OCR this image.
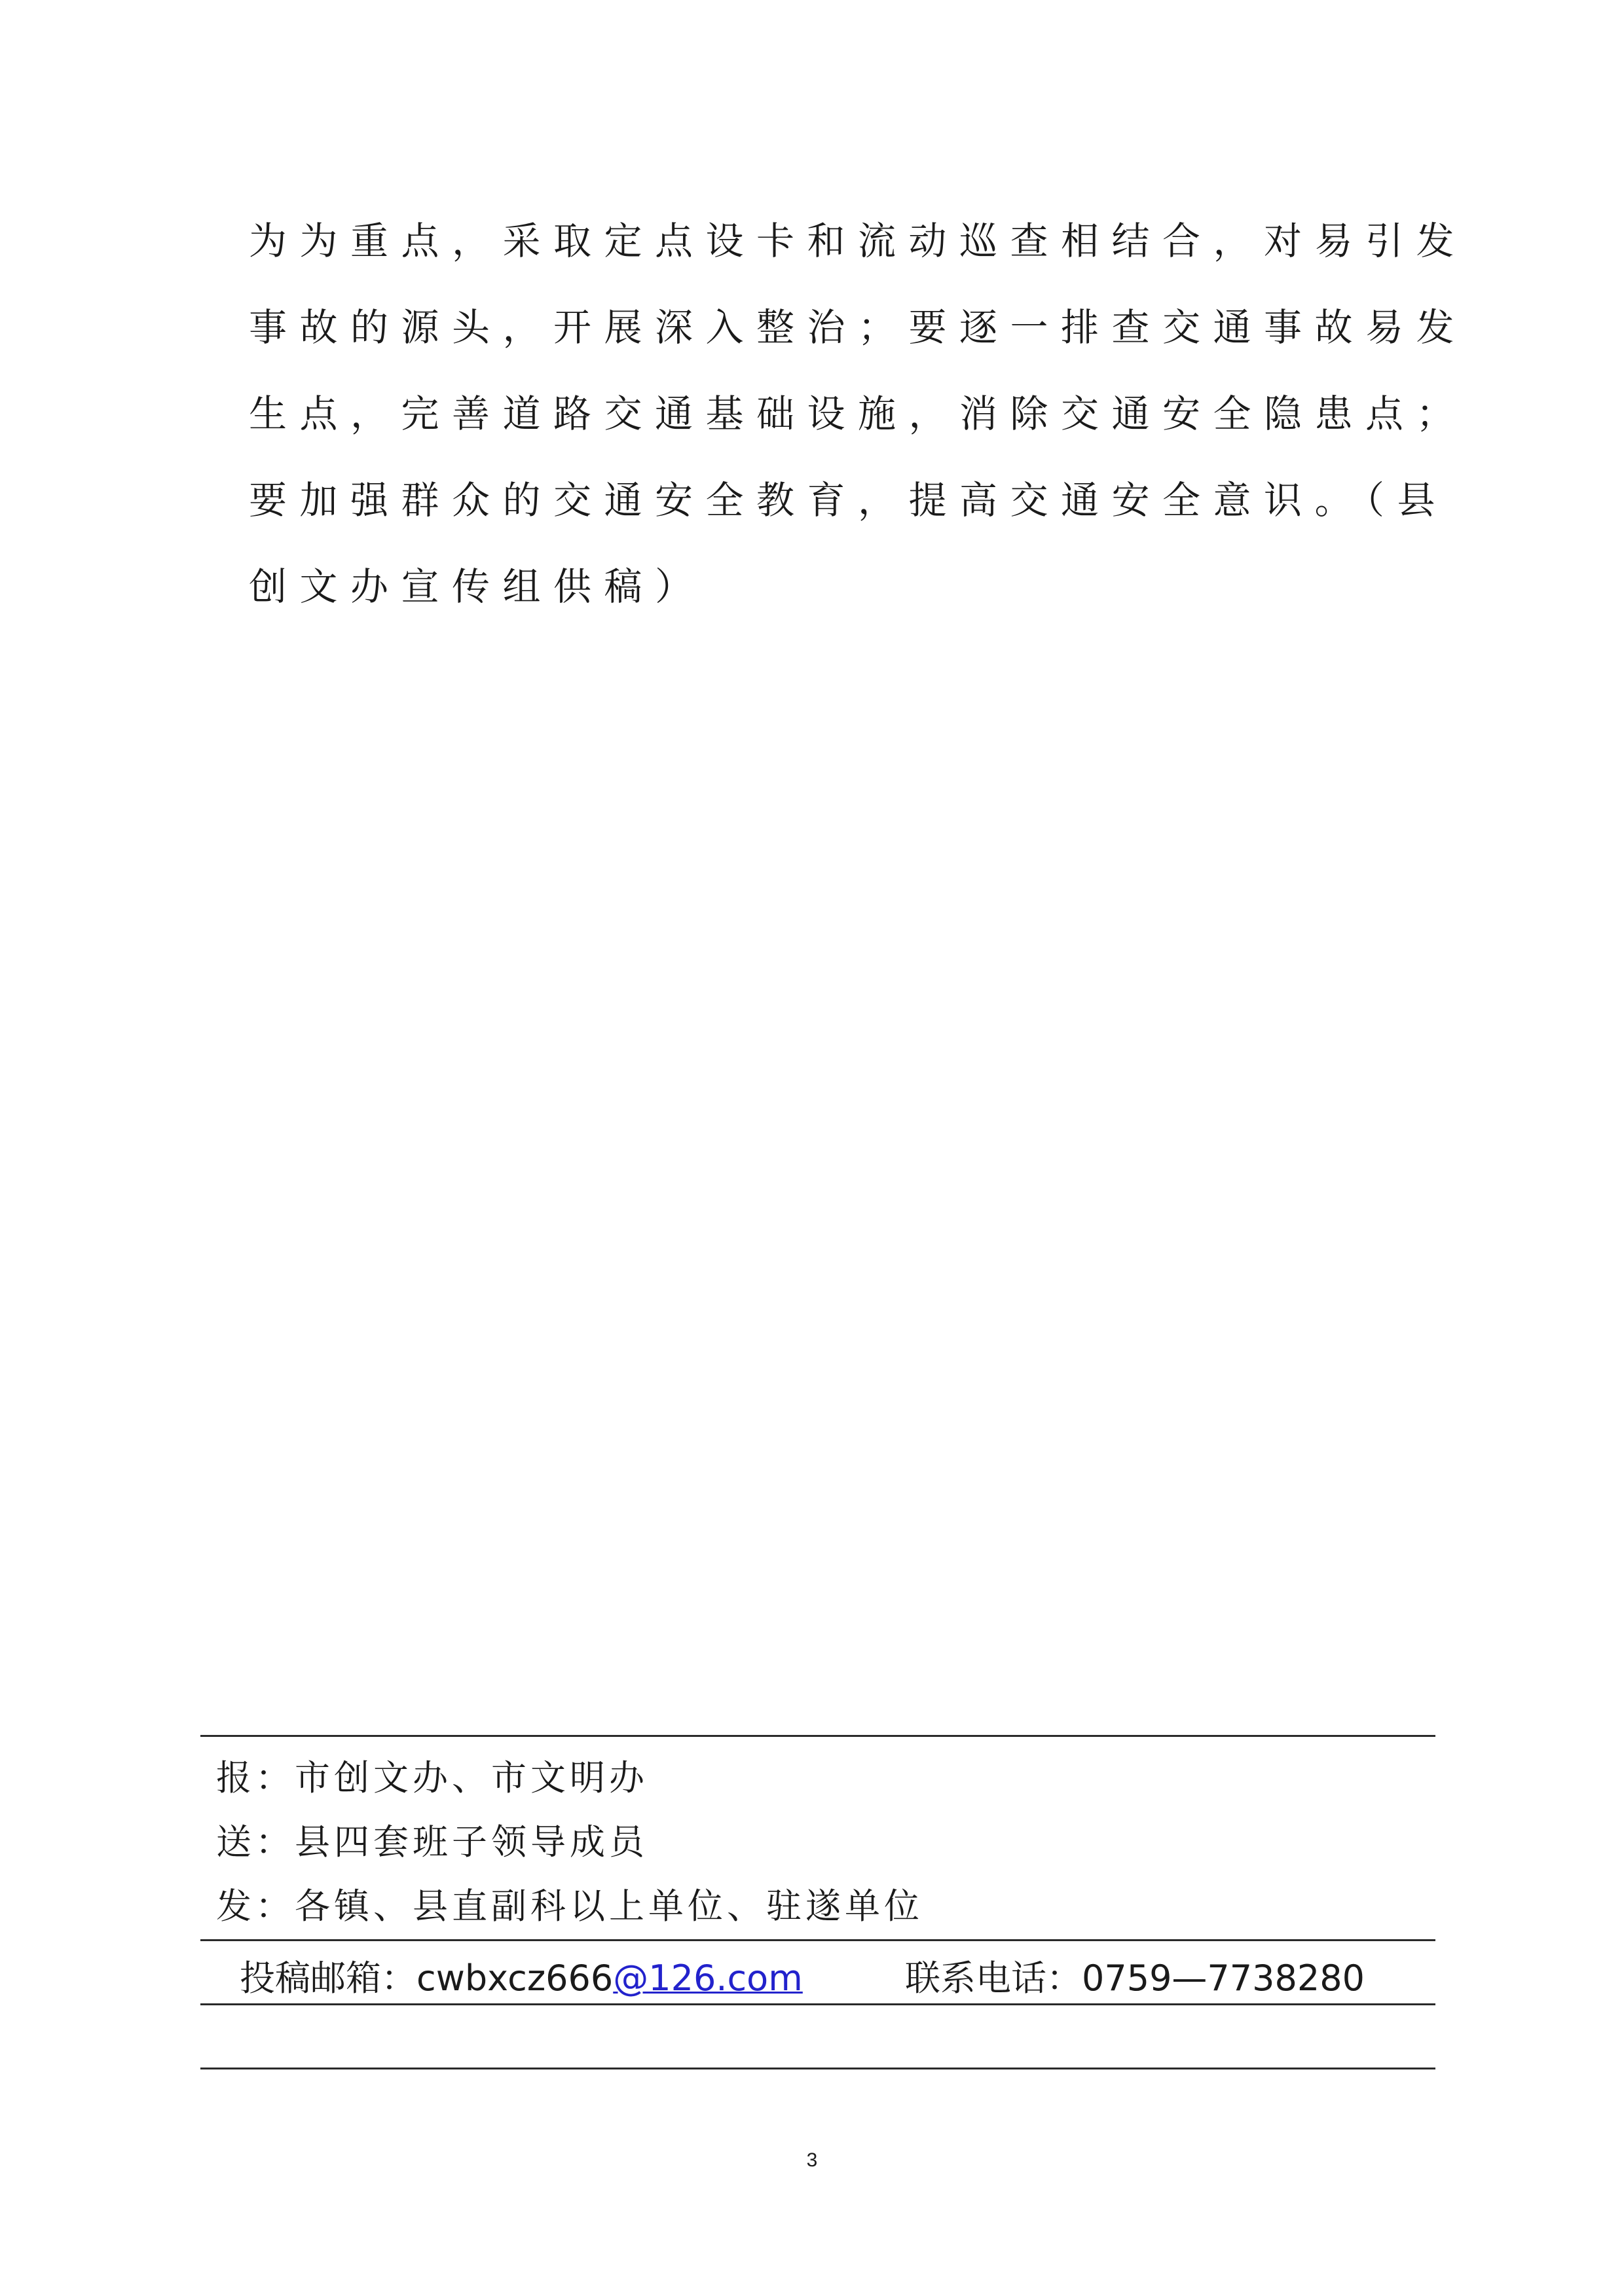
为为重点，采取定点设卡和流动巡查相结合，对易引发
事故的源头，开展深入整治；要逐一排查交通事故易发
生点，完善道路交通基础设施，消除交通安全隐患点；
要加强群众的交通安全教育，提高交通安全意识。（县
创文办宣传组供稿）
报：市创文办、市文明办
送：县四套班子领导成员
发：各镇、县直副科以上单位、驻遂单位
投稿邮箱：cwbxcz666@126.com	联系电话：0759—7738280
3
